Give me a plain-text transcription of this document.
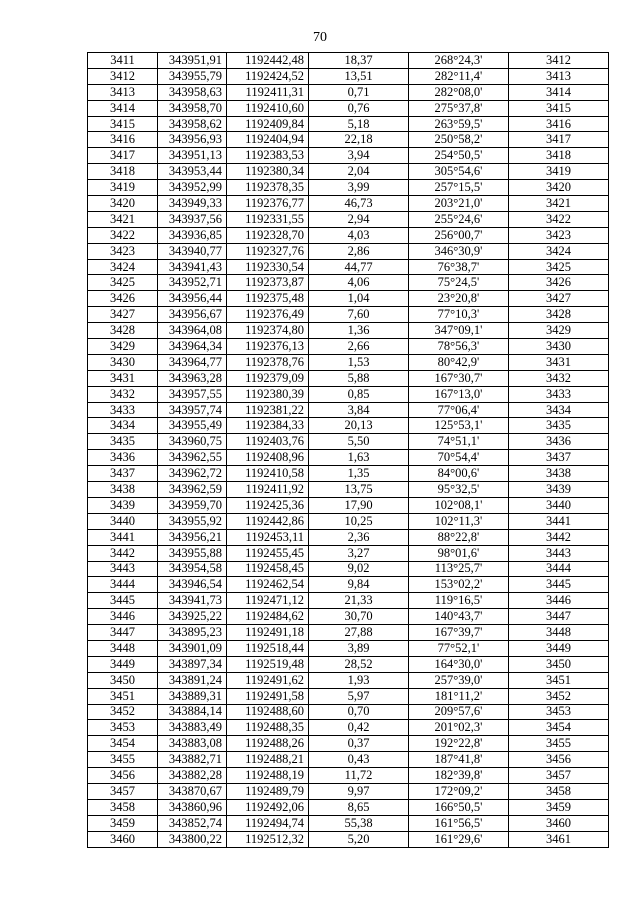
70
3411	343951,91	1192442,48	18,37	268°24,3'	3412
3412	343955,79	1192424,52	13,51	282°11,4'	3413
3413	343958,63	1192411,31	0,71	282°08,0'	3414
3414	343958,70	1192410,60	0,76	275°37,8'	3415
3415	343958,62	1192409,84	5,18	263°59,5'	3416
3416	343956,93	1192404,94	22,18	250°58,2'	3417
3417	343951,13	1192383,53	3,94	254°50,5'	3418
3418	343953,44	1192380,34	2,04	305°54,6'	3419
3419	343952,99	1192378,35	3,99	257°15,5'	3420
3420	343949,33	1192376,77	46,73	203°21,0'	3421
3421	343937,56	1192331,55	2,94	255°24,6'	3422
3422	343936,85	1192328,70	4,03	256°00,7'	3423
3423	343940,77	1192327,76	2,86	346°30,9'	3424
3424	343941,43	1192330,54	44,77	76°38,7'	3425
3425	343952,71	1192373,87	4,06	75°24,5'	3426
3426	343956,44	1192375,48	1,04	23°20,8'	3427
3427	343956,67	1192376,49	7,60	77°10,3'	3428
3428	343964,08	1192374,80	1,36	347°09,1'	3429
3429	343964,34	1192376,13	2,66	78°56,3'	3430
3430	343964,77	1192378,76	1,53	80°42,9'	3431
3431	343963,28	1192379,09	5,88	167°30,7'	3432
3432	343957,55	1192380,39	0,85	167°13,0'	3433
3433	343957,74	1192381,22	3,84	77°06,4'	3434
3434	343955,49	1192384,33	20,13	125°53,1'	3435
3435	343960,75	1192403,76	5,50	74°51,1'	3436
3436	343962,55	1192408,96	1,63	70°54,4'	3437
3437	343962,72	1192410,58	1,35	84°00,6'	3438
3438	343962,59	1192411,92	13,75	95°32,5'	3439
3439	343959,70	1192425,36	17,90	102°08,1'	3440
3440	343955,92	1192442,86	10,25	102°11,3'	3441
3441	343956,21	1192453,11	2,36	88°22,8'	3442
3442	343955,88	1192455,45	3,27	98°01,6'	3443
3443	343954,58	1192458,45	9,02	113°25,7'	3444
3444	343946,54	1192462,54	9,84	153°02,2'	3445
3445	343941,73	1192471,12	21,33	119°16,5'	3446
3446	343925,22	1192484,62	30,70	140°43,7'	3447
3447	343895,23	1192491,18	27,88	167°39,7'	3448
3448	343901,09	1192518,44	3,89	77°52,1'	3449
3449	343897,34	1192519,48	28,52	164°30,0'	3450
3450	343891,24	1192491,62	1,93	257°39,0'	3451
3451	343889,31	1192491,58	5,97	181°11,2'	3452
3452	343884,14	1192488,60	0,70	209°57,6'	3453
3453	343883,49	1192488,35	0,42	201°02,3'	3454
3454	343883,08	1192488,26	0,37	192°22,8'	3455
3455	343882,71	1192488,21	0,43	187°41,8'	3456
3456	343882,28	1192488,19	11,72	182°39,8'	3457
3457	343870,67	1192489,79	9,97	172°09,2'	3458
3458	343860,96	1192492,06	8,65	166°50,5'	3459
3459	343852,74	1192494,74	55,38	161°56,5'	3460
3460	343800,22	1192512,32	5,20	161°29,6'	3461
